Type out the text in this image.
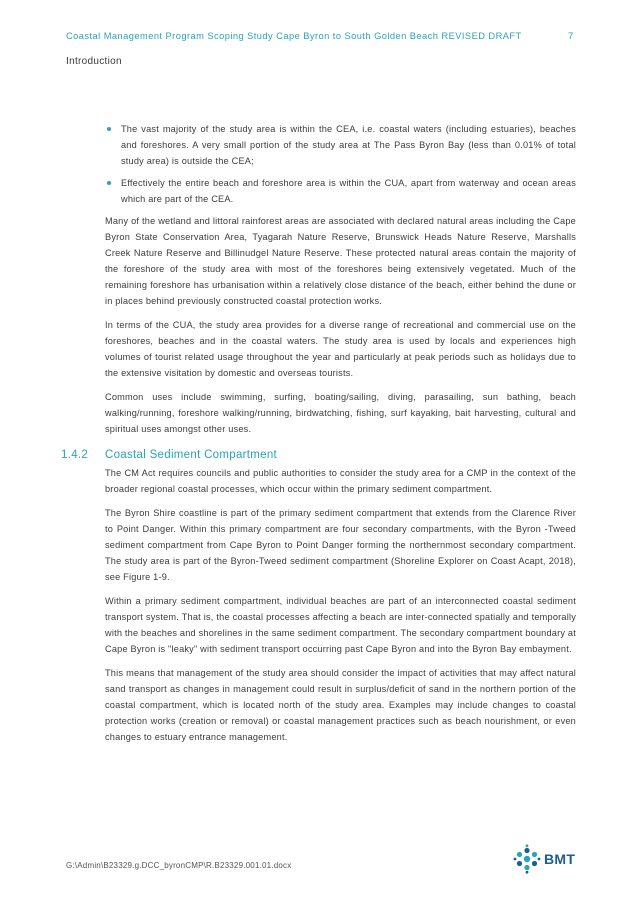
Coastal Management Program Scoping Study Cape Byron to South Golden Beach REVISED DRAFT	7
Introduction
The vast majority of the study area is within the CEA, i.e. coastal waters (including estuaries), beaches and foreshores. A very small portion of the study area at The Pass Byron Bay (less than 0.01% of total study area) is outside the CEA;
Effectively the entire beach and foreshore area is within the CUA, apart from waterway and ocean areas which are part of the CEA.

Many of the wetland and littoral rainforest areas are associated with declared natural areas including the Cape Byron State Conservation Area, Tyagarah Nature Reserve, Brunswick Heads Nature Reserve, Marshalls Creek Nature Reserve and Billinudgel Nature Reserve. These protected natural areas contain the majority of the foreshore of the study area with most of the foreshores being extensively vegetated. Much of the remaining foreshore has urbanisation within a relatively close distance of the beach, either behind the dune or in places behind previously constructed coastal protection works.

In terms of the CUA, the study area provides for a diverse range of recreational and commercial use on the foreshores, beaches and in the coastal waters. The study area is used by locals and experiences high volumes of tourist related usage throughout the year and particularly at peak periods such as holidays due to the extensive visitation by domestic and overseas tourists.

Common uses include swimming, surfing, boating/sailing, diving, parasailing, sun bathing, beach walking/running, foreshore walking/running, birdwatching, fishing, surf kayaking, bait harvesting, cultural and spiritual uses amongst other uses.

1.4.2	Coastal Sediment Compartment

The CM Act requires councils and public authorities to consider the study area for a CMP in the context of the broader regional coastal processes, which occur within the primary sediment compartment.

The Byron Shire coastline is part of the primary sediment compartment that extends from the Clarence River to Point Danger. Within this primary compartment are four secondary compartments, with the Byron -Tweed sediment compartment from Cape Byron to Point Danger forming the northernmost secondary compartment. The study area is part of the Byron-Tweed sediment compartment (Shoreline Explorer on Coast Acapt, 2018), see Figure 1-9.

Within a primary sediment compartment, individual beaches are part of an interconnected coastal sediment transport system. That is, the coastal processes affecting a beach are inter-connected spatially and temporally with the beaches and shorelines in the same sediment compartment. The secondary compartment boundary at Cape Byron is "leaky" with sediment transport occurring past Cape Byron and into the Byron Bay embayment.

This means that management of the study area should consider the impact of activities that may affect natural sand transport as changes in management could result in surplus/deficit of sand in the northern portion of the coastal compartment, which is located north of the study area. Examples may include changes to coastal protection works (creation or removal) or coastal management practices such as beach nourishment, or even changes to estuary entrance management.

G:\Admin\B23329.g.DCC_byronCMP\R.B23329.001.01.docx	BMT
